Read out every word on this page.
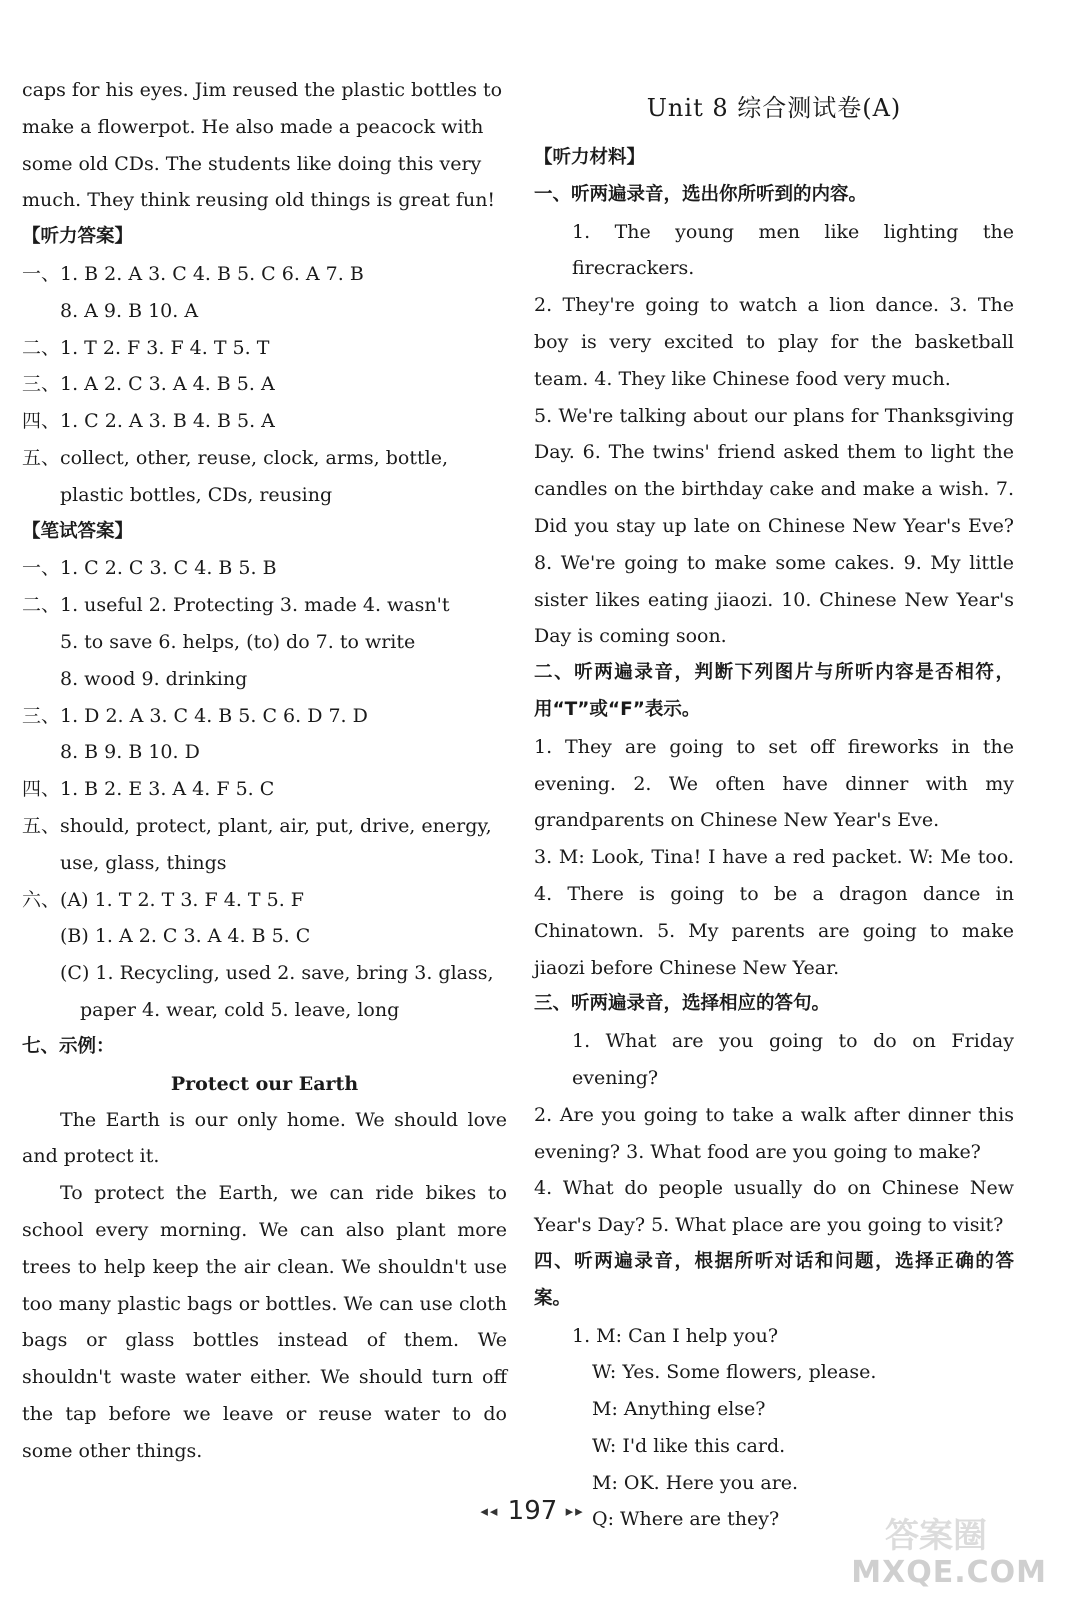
caps for his eyes. Jim reused the plastic bottles to

make a flowerpot. He also made a peacock with

some old CDs. The students like doing this very

much. They think reusing old things is great fun!

【听力答案】

一、1. B 2. A 3. C 4. B 5. C 6. A 7. B

8. A 9. B 10. A

二、1. T 2. F 3. F 4. T 5. T

三、1. A 2. C 3. A 4. B 5. A

四、1. C 2. A 3. B 4. B 5. A

五、collect, other, reuse, clock, arms, bottle,

plastic bottles, CDs, reusing

【笔试答案】

一、1. C 2. C 3. C 4. B 5. B

二、1. useful 2. Protecting 3. made 4. wasn't

5. to save 6. helps, (to) do 7. to write

8. wood 9. drinking

三、1. D 2. A 3. C 4. B 5. C 6. D 7. D

8. B 9. B 10. D

四、1. B 2. E 3. A 4. F 5. C

五、should, protect, plant, air, put, drive, energy,

use, glass, things

六、(A) 1. T 2. T 3. F 4. T 5. F

(B) 1. A 2. C 3. A 4. B 5. C

(C) 1. Recycling, used 2. save, bring 3. glass,

paper 4. wear, cold 5. leave, long

七、示例：

Protect our Earth

The Earth is our only home. We should love and protect it.

To protect the Earth, we can ride bikes to school every morning. We can also plant more trees to help keep the air clean. We shouldn't use too many plastic bags or bottles. We can use cloth bags or glass bottles instead of them. We shouldn't waste water either. We should turn off the tap before we leave or reuse water to do some other things.

Unit 8 综合测试卷(A)

【听力材料】

一、听两遍录音，选出你所听到的内容。

1. The young men like lighting the firecrackers.

2. They're going to watch a lion dance. 3. The boy is very excited to play for the basketball team. 4. They like Chinese food very much.

5. We're talking about our plans for Thanksgiving Day. 6. The twins' friend asked them to light the candles on the birthday cake and make a wish. 7. Did you stay up late on Chinese New Year's Eve? 8. We're going to make some cakes. 9. My little sister likes eating jiaozi. 10. Chinese New Year's Day is coming soon.

二、听两遍录音，判断下列图片与所听内容是否相符，用“T”或“F”表示。

1. They are going to set off fireworks in the evening. 2. We often have dinner with my grandparents on Chinese New Year's Eve.

3. M: Look, Tina! I have a red packet. W: Me too. 4. There is going to be a dragon dance in Chinatown. 5. My parents are going to make jiaozi before Chinese New Year.

三、听两遍录音，选择相应的答句。

1. What are you going to do on Friday evening?

2. Are you going to take a walk after dinner this evening? 3. What food are you going to make?

4. What do people usually do on Chinese New Year's Day? 5. What place are you going to visit?

四、听两遍录音，根据所听对话和问题，选择正确的答案。

1. M: Can I help you?

W: Yes. Some flowers, please.

M: Anything else?

W: I'd like this card.

M: OK. Here you are.

Q: Where are they?

◂◂ 197 ▸▸
答案圈
MXQE.COM
